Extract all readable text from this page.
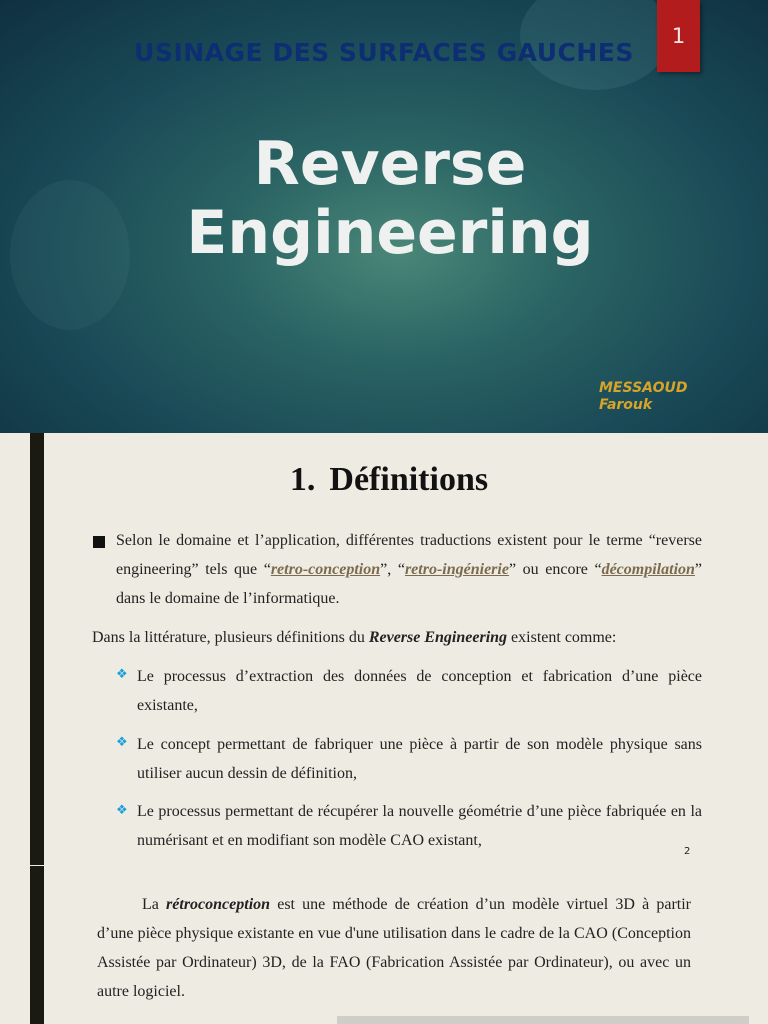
USINAGE DES SURFACES GAUCHES
1
Reverse
Engineering
MESSAOUD
Farouk
1. Définitions
Selon le domaine et l’application, différentes traductions existent pour le terme “reverse engineering” tels que “retro-conception”, “retro-ingénierie” ou encore “décompilation” dans le domaine de l’informatique.
Dans la littérature, plusieurs définitions du Reverse Engineering existent comme:
❖ Le processus d’extraction des données de conception et fabrication d’une pièce existante,
❖ Le concept permettant de fabriquer une pièce à partir de son modèle physique sans utiliser aucun dessin de définition,
❖ Le processus permettant de récupérer la nouvelle géométrie d’une pièce fabriquée en la numérisant et en modifiant son modèle CAO existant,
2
La rétroconception est une méthode de création d’un modèle virtuel 3D à partir d’une pièce physique existante en vue d'une utilisation dans le cadre de la CAO (Conception Assistée par Ordinateur) 3D, de la FAO (Fabrication Assistée par Ordinateur), ou avec un autre logiciel.
